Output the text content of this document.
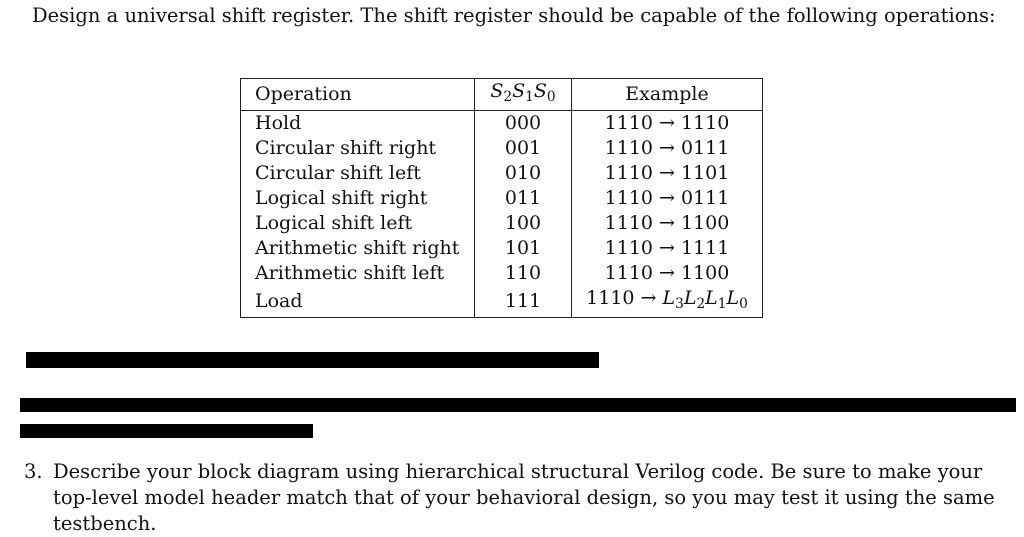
Design a universal shift register. The shift register should be capable of the following operations:
Operation	$S_2S_1S_0$	Example
Hold	000	1110 → 1110
Circular shift right	001	1110 → 0111
Circular shift left	010	1110 → 1101
Logical shift right	011	1110 → 0111
Logical shift left	100	1110 → 1100
Arithmetic shift right	101	1110 → 1111
Arithmetic shift left	110	1110 → 1100
Load	111	$1110 \to L_3L_2L_1L_0$
3. Describe your block diagram using hierarchical structural Verilog code. Be sure to make your top-level model header match that of your behavioral design, so you may test it using the same testbench.
